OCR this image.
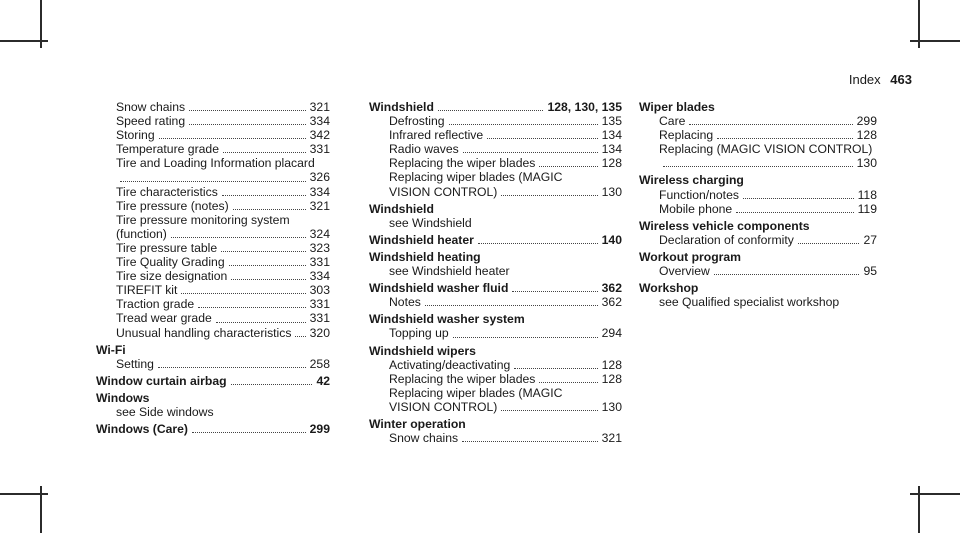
Index 463
Snow chains	321
Speed rating	334
Storing	342
Temperature grade	331
Tire and Loading Information placard
326
Tire characteristics	334
Tire pressure (notes)	321
Tire pressure monitoring system
(function)	324
Tire pressure table	323
Tire Quality Grading	331
Tire size designation	334
TIREFIT kit	303
Traction grade	331
Tread wear grade	331
Unusual handling characteristics 320
Wi-Fi
Setting	258
Window curtain airbag	42
Windows
see Side windows
Windows (Care)	299
Windshield	128, 130, 135
Defrosting	135
Infrared reflective	134
Radio waves	134
Replacing the wiper blades	128
Replacing wiper blades (MAGIC
VISION CONTROL)	130
Windshield
see Windshield
Windshield heater	140
Windshield heating
see Windshield heater
Windshield washer fluid	362
Notes	362
Windshield washer system
Topping up	294
Windshield wipers
Activating/deactivating	128
Replacing the wiper blades	128
Replacing wiper blades (MAGIC
VISION CONTROL)	130
Winter operation
Snow chains	321
Wiper blades
Care	299
Replacing	128
Replacing (MAGIC VISION CONTROL)
130
Wireless charging
Function/notes	118
Mobile phone	119
Wireless vehicle components
Declaration of conformity	27
Workout program
Overview	95
Workshop
see Qualified specialist workshop
